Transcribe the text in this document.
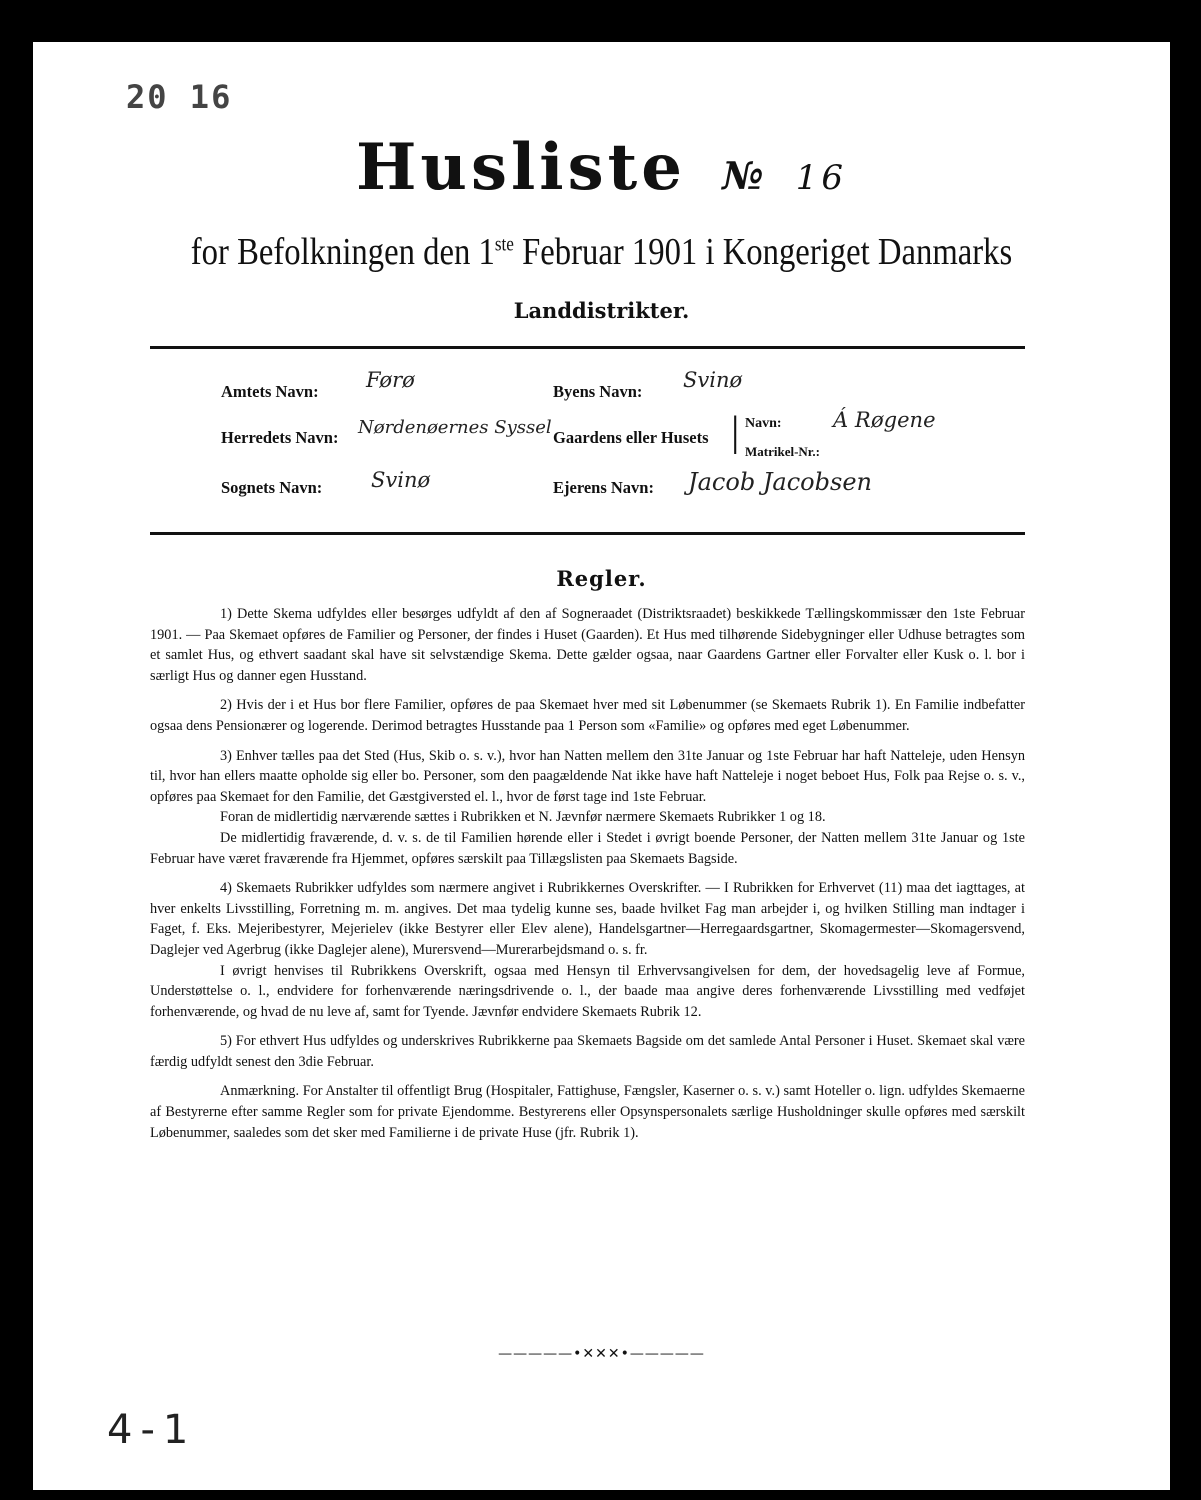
20 16
Husliste № 16
for Befolkningen den 1ste Februar 1901 i Kongeriget Danmarks
Landdistrikter.
Amtets Navn: Førø	Byens Navn: Svinø
Herredets Navn: Nørdenøernes Syssel Gaardens eller Husets | Navn: Á Røgene
Matrikel-Nr.:
Sognets Navn: Svinø	Ejerens Navn: Jacob Jacobsen
Regler.

1) Dette Skema udfyldes eller besørges udfyldt af den af Sogneraadet (Distriktsraadet) beskikkede Tællingskommissær den 1ste Februar 1901. — Paa Skemaet opføres de Familier og Personer, der findes i Huset (Gaarden). Et Hus med tilhørende Sidebygninger eller Udhuse betragtes som et samlet Hus, og ethvert saadant skal have sit selvstændige Skema. Dette gælder ogsaa, naar Gaardens Gartner eller Forvalter eller Kusk o. l. bor i særligt Hus og danner egen Husstand.

2) Hvis der i et Hus bor flere Familier, opføres de paa Skemaet hver med sit Løbenummer (se Skemaets Rubrik 1). En Familie indbefatter ogsaa dens Pensionærer og logerende. Derimod betragtes Husstande paa 1 Person som «Familie» og opføres med eget Løbenummer.

3) Enhver tælles paa det Sted (Hus, Skib o. s. v.), hvor han Natten mellem den 31te Januar og 1ste Februar har haft Natteleje, uden Hensyn til, hvor han ellers maatte opholde sig eller bo. Personer, som den paagældende Nat ikke have haft Natteleje i noget beboet Hus, Folk paa Rejse o. s. v., opføres paa Skemaet for den Familie, det Gæstgiversted el. l., hvor de først tage ind 1ste Februar.

Foran de midlertidig nærværende sættes i Rubrikken et N. Jævnfør nærmere Skemaets Rubrikker 1 og 18.

De midlertidig fraværende, d. v. s. de til Familien hørende eller i Stedet i øvrigt boende Personer, der Natten mellem 31te Januar og 1ste Februar have været fraværende fra Hjemmet, opføres særskilt paa Tillægslisten paa Skemaets Bagside.

4) Skemaets Rubrikker udfyldes som nærmere angivet i Rubrikkernes Overskrifter. — I Rubrikken for Erhvervet (11) maa det iagttages, at hver enkelts Livsstilling, Forretning m. m. angives. Det maa tydelig kunne ses, baade hvilket Fag man arbejder i, og hvilken Stilling man indtager i Faget, f. Eks. Mejeribestyrer, Mejerielev (ikke Bestyrer eller Elev alene), Handelsgartner—Herregaardsgartner, Skomagermester—Skomagersvend, Daglejer ved Agerbrug (ikke Daglejer alene), Murersvend—Murerarbejdsmand o. s. fr.

I øvrigt henvises til Rubrikkens Overskrift, ogsaa med Hensyn til Erhvervsangivelsen for dem, der hovedsagelig leve af Formue, Understøttelse o. l., endvidere for forhenværende næringsdrivende o. l., der baade maa angive deres forhenværende Livsstilling med vedføjet forhenværende, og hvad de nu leve af, samt for Tyende. Jævnfør endvidere Skemaets Rubrik 12.

5) For ethvert Hus udfyldes og underskrives Rubrikkerne paa Skemaets Bagside om det samlede Antal Personer i Huset. Skemaet skal være færdig udfyldt senest den 3die Februar.

Anmærkning. For Anstalter til offentligt Brug (Hospitaler, Fattighuse, Fængsler, Kaserner o. s. v.) samt Hoteller o. lign. udfyldes Skemaerne af Bestyrerne efter samme Regler som for private Ejendomme. Bestyrerens eller Opsynspersonalets særlige Husholdninger skulle opføres med særskilt Løbenummer, saaledes som det sker med Familierne i de private Huse (jfr. Rubrik 1).

—————•✕✕✕•—————
4-1
